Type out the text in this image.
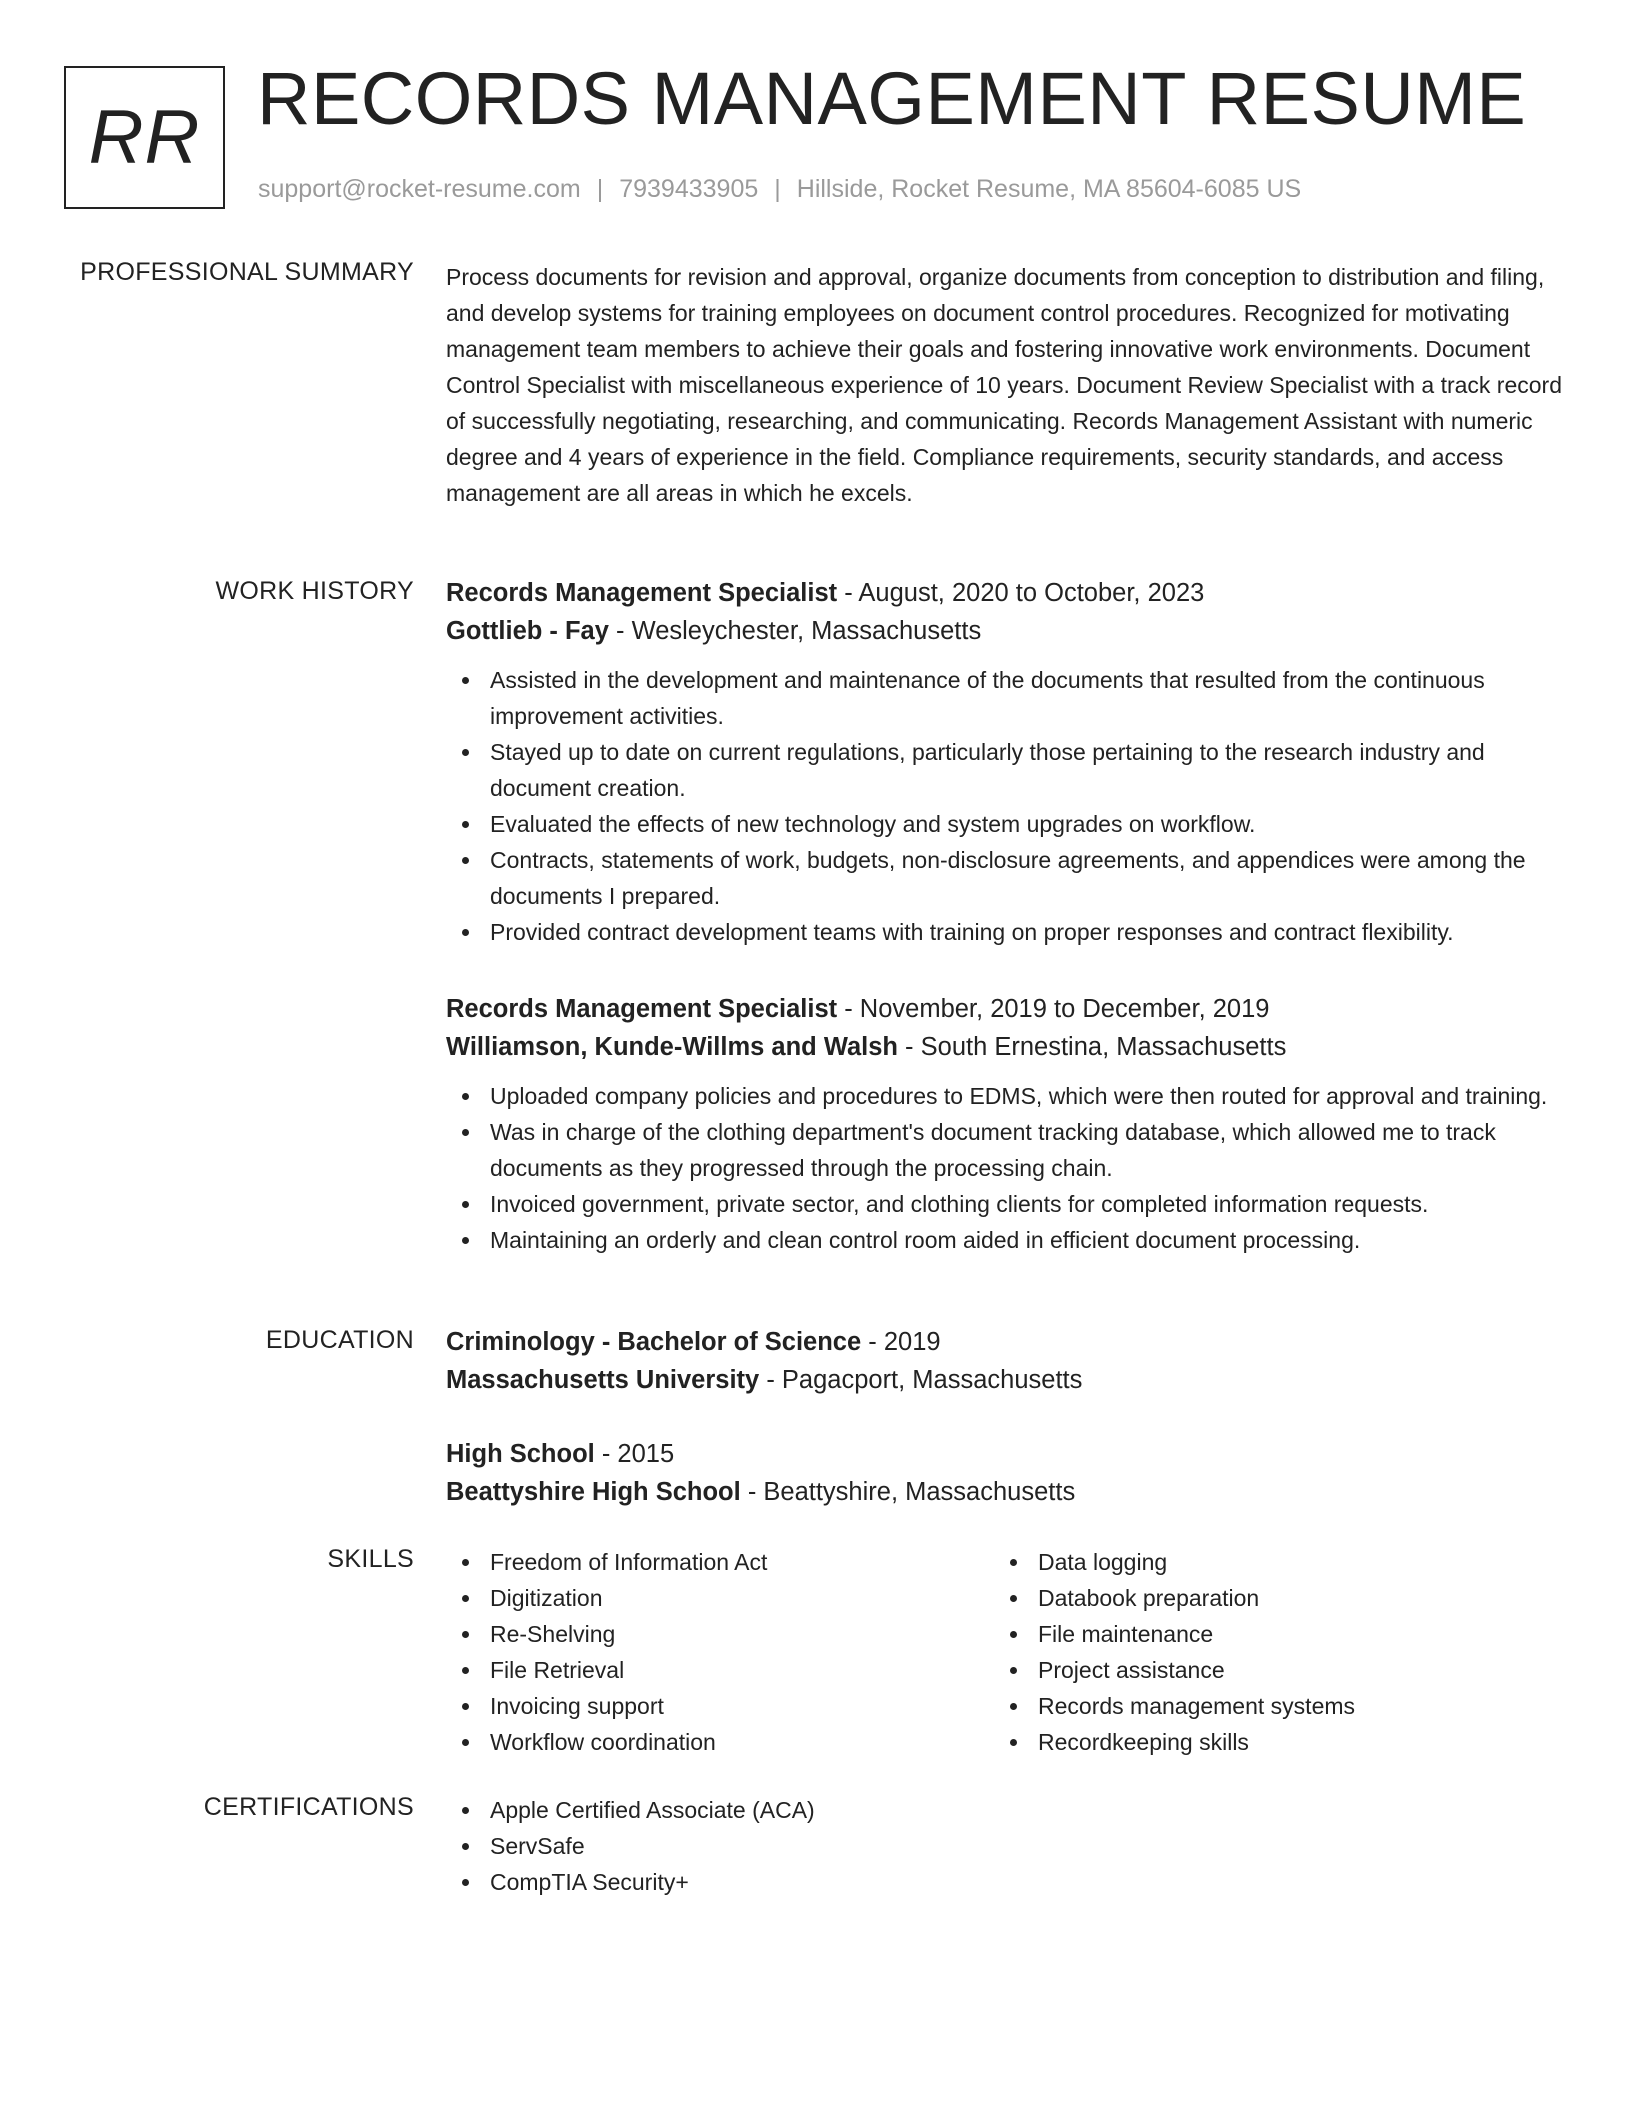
RR RECORDS MANAGEMENT RESUME
support@rocket-resume.com | 7939433905 | Hillside, Rocket Resume, MA 85604-6085 US
PROFESSIONAL SUMMARY Process documents for revision and approval, organize documents from conception to distribution and filing, and develop systems for training employees on document control procedures. Recognized for motivating management team members to achieve their goals and fostering innovative work environments. Document Control Specialist with miscellaneous experience of 10 years. Document Review Specialist with a track record of successfully negotiating, researching, and communicating. Records Management Assistant with numeric degree and 4 years of experience in the field. Compliance requirements, security standards, and access management are all areas in which he excels.

WORK HISTORY Records Management Specialist - August, 2020 to October, 2023
Gottlieb - Fay - Wesleychester, Massachusetts
Assisted in the development and maintenance of the documents that resulted from the continuous improvement activities.
Stayed up to date on current regulations, particularly those pertaining to the research industry and document creation.
Evaluated the effects of new technology and system upgrades on workflow.
Contracts, statements of work, budgets, non-disclosure agreements, and appendices were among the documents I prepared.
Provided contract development teams with training on proper responses and contract flexibility.
Records Management Specialist - November, 2019 to December, 2019
Williamson, Kunde-Willms and Walsh - South Ernestina, Massachusetts
Uploaded company policies and procedures to EDMS, which were then routed for approval and training.
Was in charge of the clothing department's document tracking database, which allowed me to track documents as they progressed through the processing chain.
Invoiced government, private sector, and clothing clients for completed information requests.
Maintaining an orderly and clean control room aided in efficient document processing.
EDUCATION Criminology - Bachelor of Science - 2019
Massachusetts University - Pagacport, Massachusetts
High School - 2015
Beattyshire High School - Beattyshire, Massachusetts
SKILLS	Freedom of Information Act
Digitization
Re-Shelving
File Retrieval
Invoicing support
Workflow coordination
Data logging
Databook preparation
File maintenance
Project assistance
Records management systems
Recordkeeping skills
CERTIFICATIONS	Apple Certified Associate (ACA)
ServSafe
CompTIA Security+
